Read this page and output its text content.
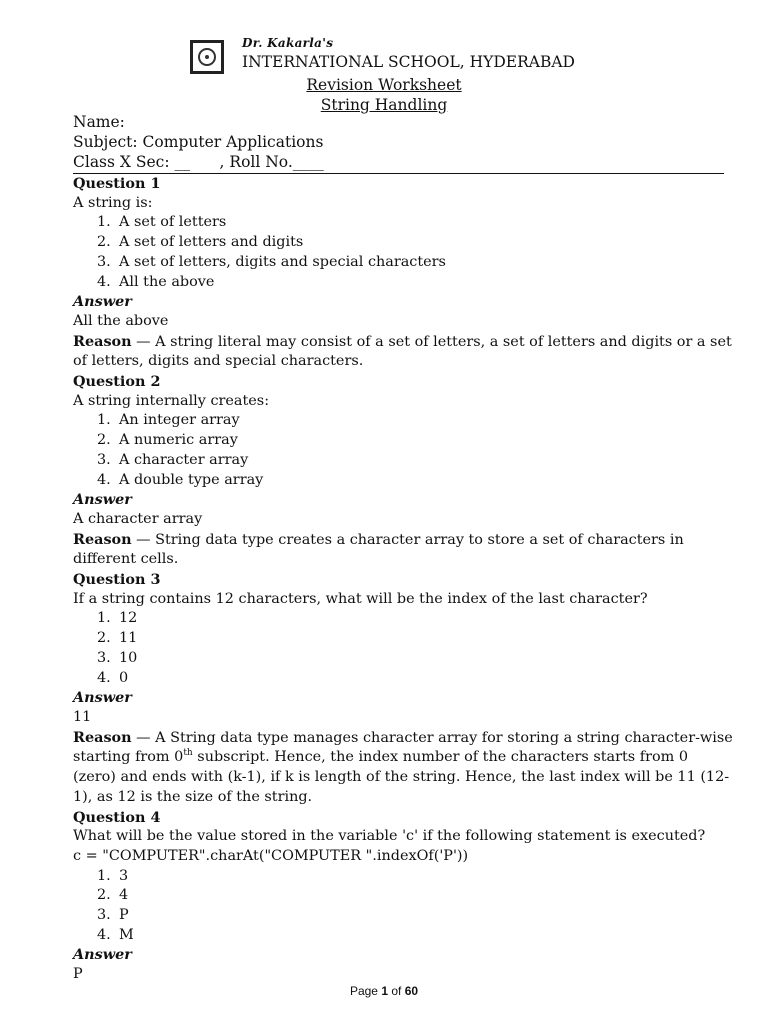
Dr. Kakarla's
INTERNATIONAL SCHOOL, HYDERABAD
Revision Worksheet
String Handling
Name:
Subject: Computer Applications
Class X Sec: __      , Roll No.____
Question 1
A string is:
1. A set of letters
2. A set of letters and digits
3. A set of letters, digits and special characters
4. All the above
Answer
All the above
Reason — A string literal may consist of a set of letters, a set of letters and digits or a set of letters, digits and special characters.
Question 2
A string internally creates:
1. An integer array
2. A numeric array
3. A character array
4. A double type array
Answer
A character array
Reason — String data type creates a character array to store a set of characters in different cells.
Question 3
If a string contains 12 characters, what will be the index of the last character?
1. 12
2. 11
3. 10
4. 0
Answer
11
Reason — A String data type manages character array for storing a string character-wise starting from 0th subscript. Hence, the index number of the characters starts from 0 (zero) and ends with (k-1), if k is length of the string. Hence, the last index will be 11 (12-1), as 12 is the size of the string.
Question 4
What will be the value stored in the variable 'c' if the following statement is executed?
c = "COMPUTER".charAt("COMPUTER ".indexOf('P'))
1. 3
2. 4
3. P
4. M
Answer
P
Page 1 of 60
